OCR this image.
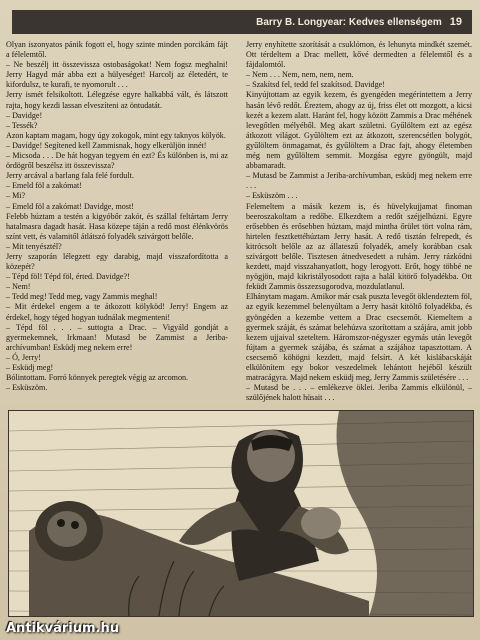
Barry B. Longyear: Kedves ellenségem 19

Olyan iszonyatos pánik fogott el, hogy szinte minden porcikám fájt a félelemtől.

– Ne beszélj itt összevissza ostobaságokat! Nem fogsz meghalni! Jerry Hagyd már abba ezt a hülyeséget! Harcolj az életedért, te kifordulsz, te kurafi, te nyomorult . . .

Jerry ismét felsikoltott. Lélegzése egyre halkabbá vált, és látszott rajta, hogy kezdi lassan elveszíteni az öntudatát.

– Davidge!

– Tessék?

Azon kaptam magam, hogy úgy zokogok, mint egy taknyos kölyök.

– Davidge! Segítened kell Zammisnak, hogy elkerüljön innét!

– Micsoda . . . De hát hogyan tegyem én ezt? És különben is, mi az ördögről beszélsz itt összevissza?

Jerry arcával a barlang fala felé fordult.

– Emeld föl a zakómat!

– Mi?

– Emeld föl a zakómat! Davidge, most!

Felebb húztam a testén a kigyóbőr zakót, és szállal feltártam Jerry hatalmasra dagadt hasát. Hasa közepe táján a redő most élénkvörös színt vett, és valamitől átlátszó folyadék szivárgott belőle.

– Mit tenyésztél?

Jerry szaporán lélegzett egy darabig, majd visszafordította a közepét?

– Tépd föl! Tépd föl, érted. Davidge?!

– Nem!

– Tedd meg! Tedd meg, vagy Zammis meghal!

– Mit érdekel engem a te átkozott kölyköd! Jerry! Engem az érdekel, hogy téged hogyan tudnálak megmenteni!

– Tépd föl . . . – suttogta a Drac. – Vigyáld gondját a gyermekemnek, Irkmaan! Mutasd be Zammist a Jeriba-archívumban! Esküdj meg nekem erre!

– Ó, Jerry!

– Esküdj meg!

Bólintottam. Forró könnyek peregtek végig az arcomon.

– Esküszöm.

Jerry enyhítette szorítását a csuklómon, és lehunyta mindkét szemét. Ott térdeltem a Drac mellett, kővé dermedten a félelemtől és a fájdalomtól.

– Nem . . . Nem, nem, nem, nem.

– Szakítsd fel, tedd fel szakítsod. Davidge!

Kinyújtottam az egyik kezem, és gyengéden megérintettem a Jerry hasán lévő redőt. Éreztem, ahogy az új, friss élet ott mozgott, a kicsi kezét a kezem alatt. Haránt fel, hogy között Zammis a Drac méhének levegőtlen mélyéből. Meg akart születni. Gyűlöltem ezt az egész átkozott világot. Gyűlöltem ezt az átkozott, szerencsétlen bolygót, gyűlöltem önmagamat, és gyűlöltem a Drac fajt, ahogy életemben még nem gyűlöltem semmit. Mozgása egyre gyöngült, majd abbamaradt.

– Mutasd be Zammist a Jeriba-archívumban, esküdj meg nekem erre . . .

– Esküszöm . . .

Felemeltem a másik kezem is, és hüvelykujjamat finoman beeroszakoltam a redőbe. Elkezdtem a redőt széjjelhúzni. Egyre erősebben és erősebben húztam, majd mintha őrület tört volna rám, hirtelen fesztkettéhúztam Jerry hasát. A redő tisztán felrepedt, és kitrócsolt belőle az az állateszű folyadék, amely korábban csak szivárgott belőle. Tisztesen átnedvesedett a ruhám. Jerry rázkódni kezdett, majd visszahanyatlott, hogy lerogyott. Erőt, hogy többé ne nyögjön, majd kikristályosodott rajta a halál kitörő folyadékba. Ott feküdt Zammis összezsugorodva, mozdulatlanul.

Elhánytam magam. Amikor már csak puszta levegőt öklendeztem föl, az egyik kezemmel belenyúltam a Jerry hasát kitöltő folyadékba, és gyöngéden a kezembe vettem a Drac csecsemőt. Kiemeltem a gyermek száját, és számat belehúzva szorítottam a szájára, amit jobb kezem ujjaival szeteltem. Háromszor-négyszer egymás után levegőt fújtam a gyermek szájába, és számat a szájához tapasztottam. A csecsemő köhögni kezdett, majd felsírt. A két kislábacskáját elkülönítem egy bokor veszedelmek lehántott hejéből készült matracágyra. Majd nekem esküdj meg, Jerry Zammis születésére . . .

– Mutasd be . . . – emlékezve öklei. Jeriba Zammis elkülönül, – szülőjének halott hüsait . . .

Antikvárium.hu
